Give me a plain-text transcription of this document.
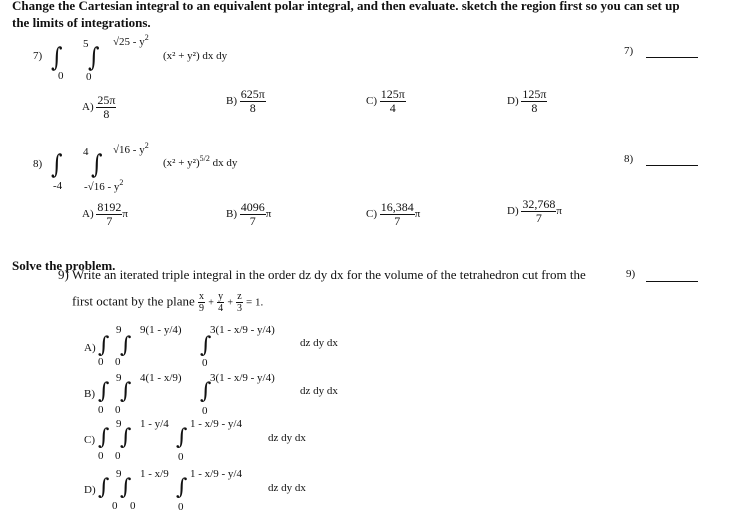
Change the Cartesian integral to an equivalent polar integral, and then evaluate. sketch the region first so you can set up
the limits of integrations.
7) ∫ 5
0
∫
$√25 - y^2$
0
(x² + y²) dx dy	7)
$A) \frac{25\pi}{8}$	$B) \frac{625\pi}{8}$	$C) \frac{125\pi}{4}$	$D) \frac{125\pi}{8}$
8) ∫ 4
-4
∫ $√16 - y^2$
$-√16 - y^2$
$(x^2 + y^2)^{5/2}$ dx dy	8)
$A) \frac{8192}{7}$ π	$B) \frac{4096}{7}$ π	$C) \frac{16,384}{7}$ π	$D) \frac{32,768}{7}$ π
Solve the problem.
9) Write an iterated triple integral in the order dz dy dx for the volume of the tetrahedron cut from the	9)
first octant by the plane $\frac{x}{9} + \frac{y}{4} + \frac{z}{3} = 1$.
A) ∫
9
0
∫
9(1 - y/4)
0
∫
3(1 - x/9 - y/4)
0
dz dy dx
B) ∫
9
0
∫
4(1 - x/9)
0
∫
3(1 - x/9 - y/4)
0
dz dy dx
C) ∫
9
0
∫
1 - y/4
0
∫
1 - x/9 - y/4
0
dz dy dx
D) ∫
9
0
∫
1 - x/9
0
∫
1 - x/9 - y/4
0
dz dy dx
